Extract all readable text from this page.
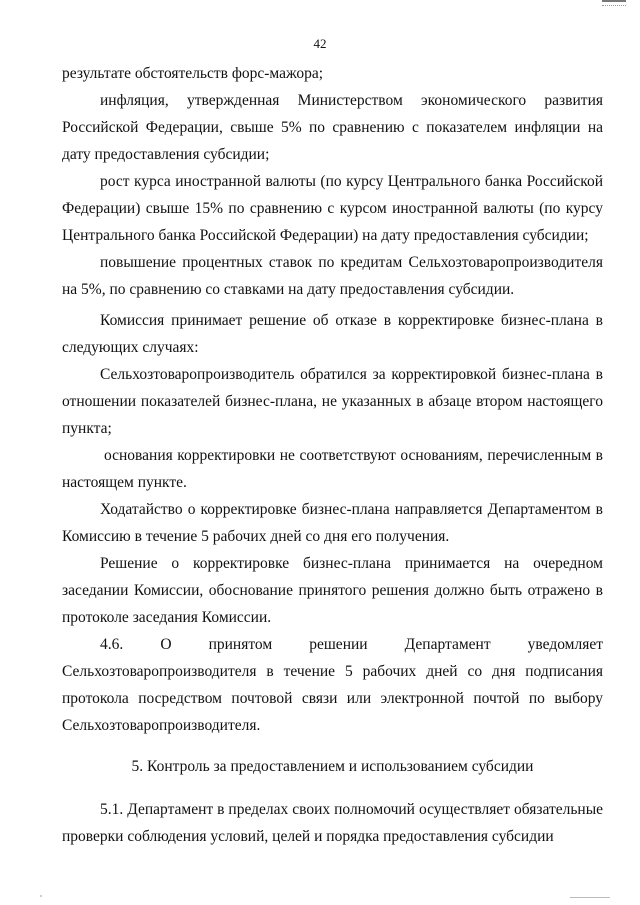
42

результате обстоятельств форс-мажора;

инфляция, утвержденная Министерством экономического развития Российской Федерации, свыше 5% по сравнению с показателем инфляции на дату предоставления субсидии;

рост курса иностранной валюты (по курсу Центрального банка Российской Федерации) свыше 15% по сравнению с курсом иностранной валюты (по курсу Центрального банка Российской Федерации) на дату предоставления субсидии;

повышение процентных ставок по кредитам Сельхозтоваропроизводителя на 5%, по сравнению со ставками на дату предоставления субсидии.

Комиссия принимает решение об отказе в корректировке бизнес-плана в следующих случаях:

Сельхозтоваропроизводитель обратился за корректировкой бизнес-плана в отношении показателей бизнес-плана, не указанных в абзаце втором настоящего пункта;

основания корректировки не соответствуют основаниям, перечисленным в настоящем пункте.

Ходатайство о корректировке бизнес-плана направляется Департаментом в Комиссию в течение 5 рабочих дней со дня его получения.

Решение о корректировке бизнес-плана принимается на очередном заседании Комиссии, обоснование принятого решения должно быть отражено в протоколе заседания Комиссии.

4.6. О принятом решении Департамент уведомляет Сельхозтоваропроизводителя в течение 5 рабочих дней со дня подписания протокола посредством почтовой связи или электронной почтой по выбору Сельхозтоваропроизводителя.

5. Контроль за предоставлением и использованием субсидии

5.1. Департамент в пределах своих полномочий осуществляет обязательные проверки соблюдения условий, целей и порядка предоставления субсидии
